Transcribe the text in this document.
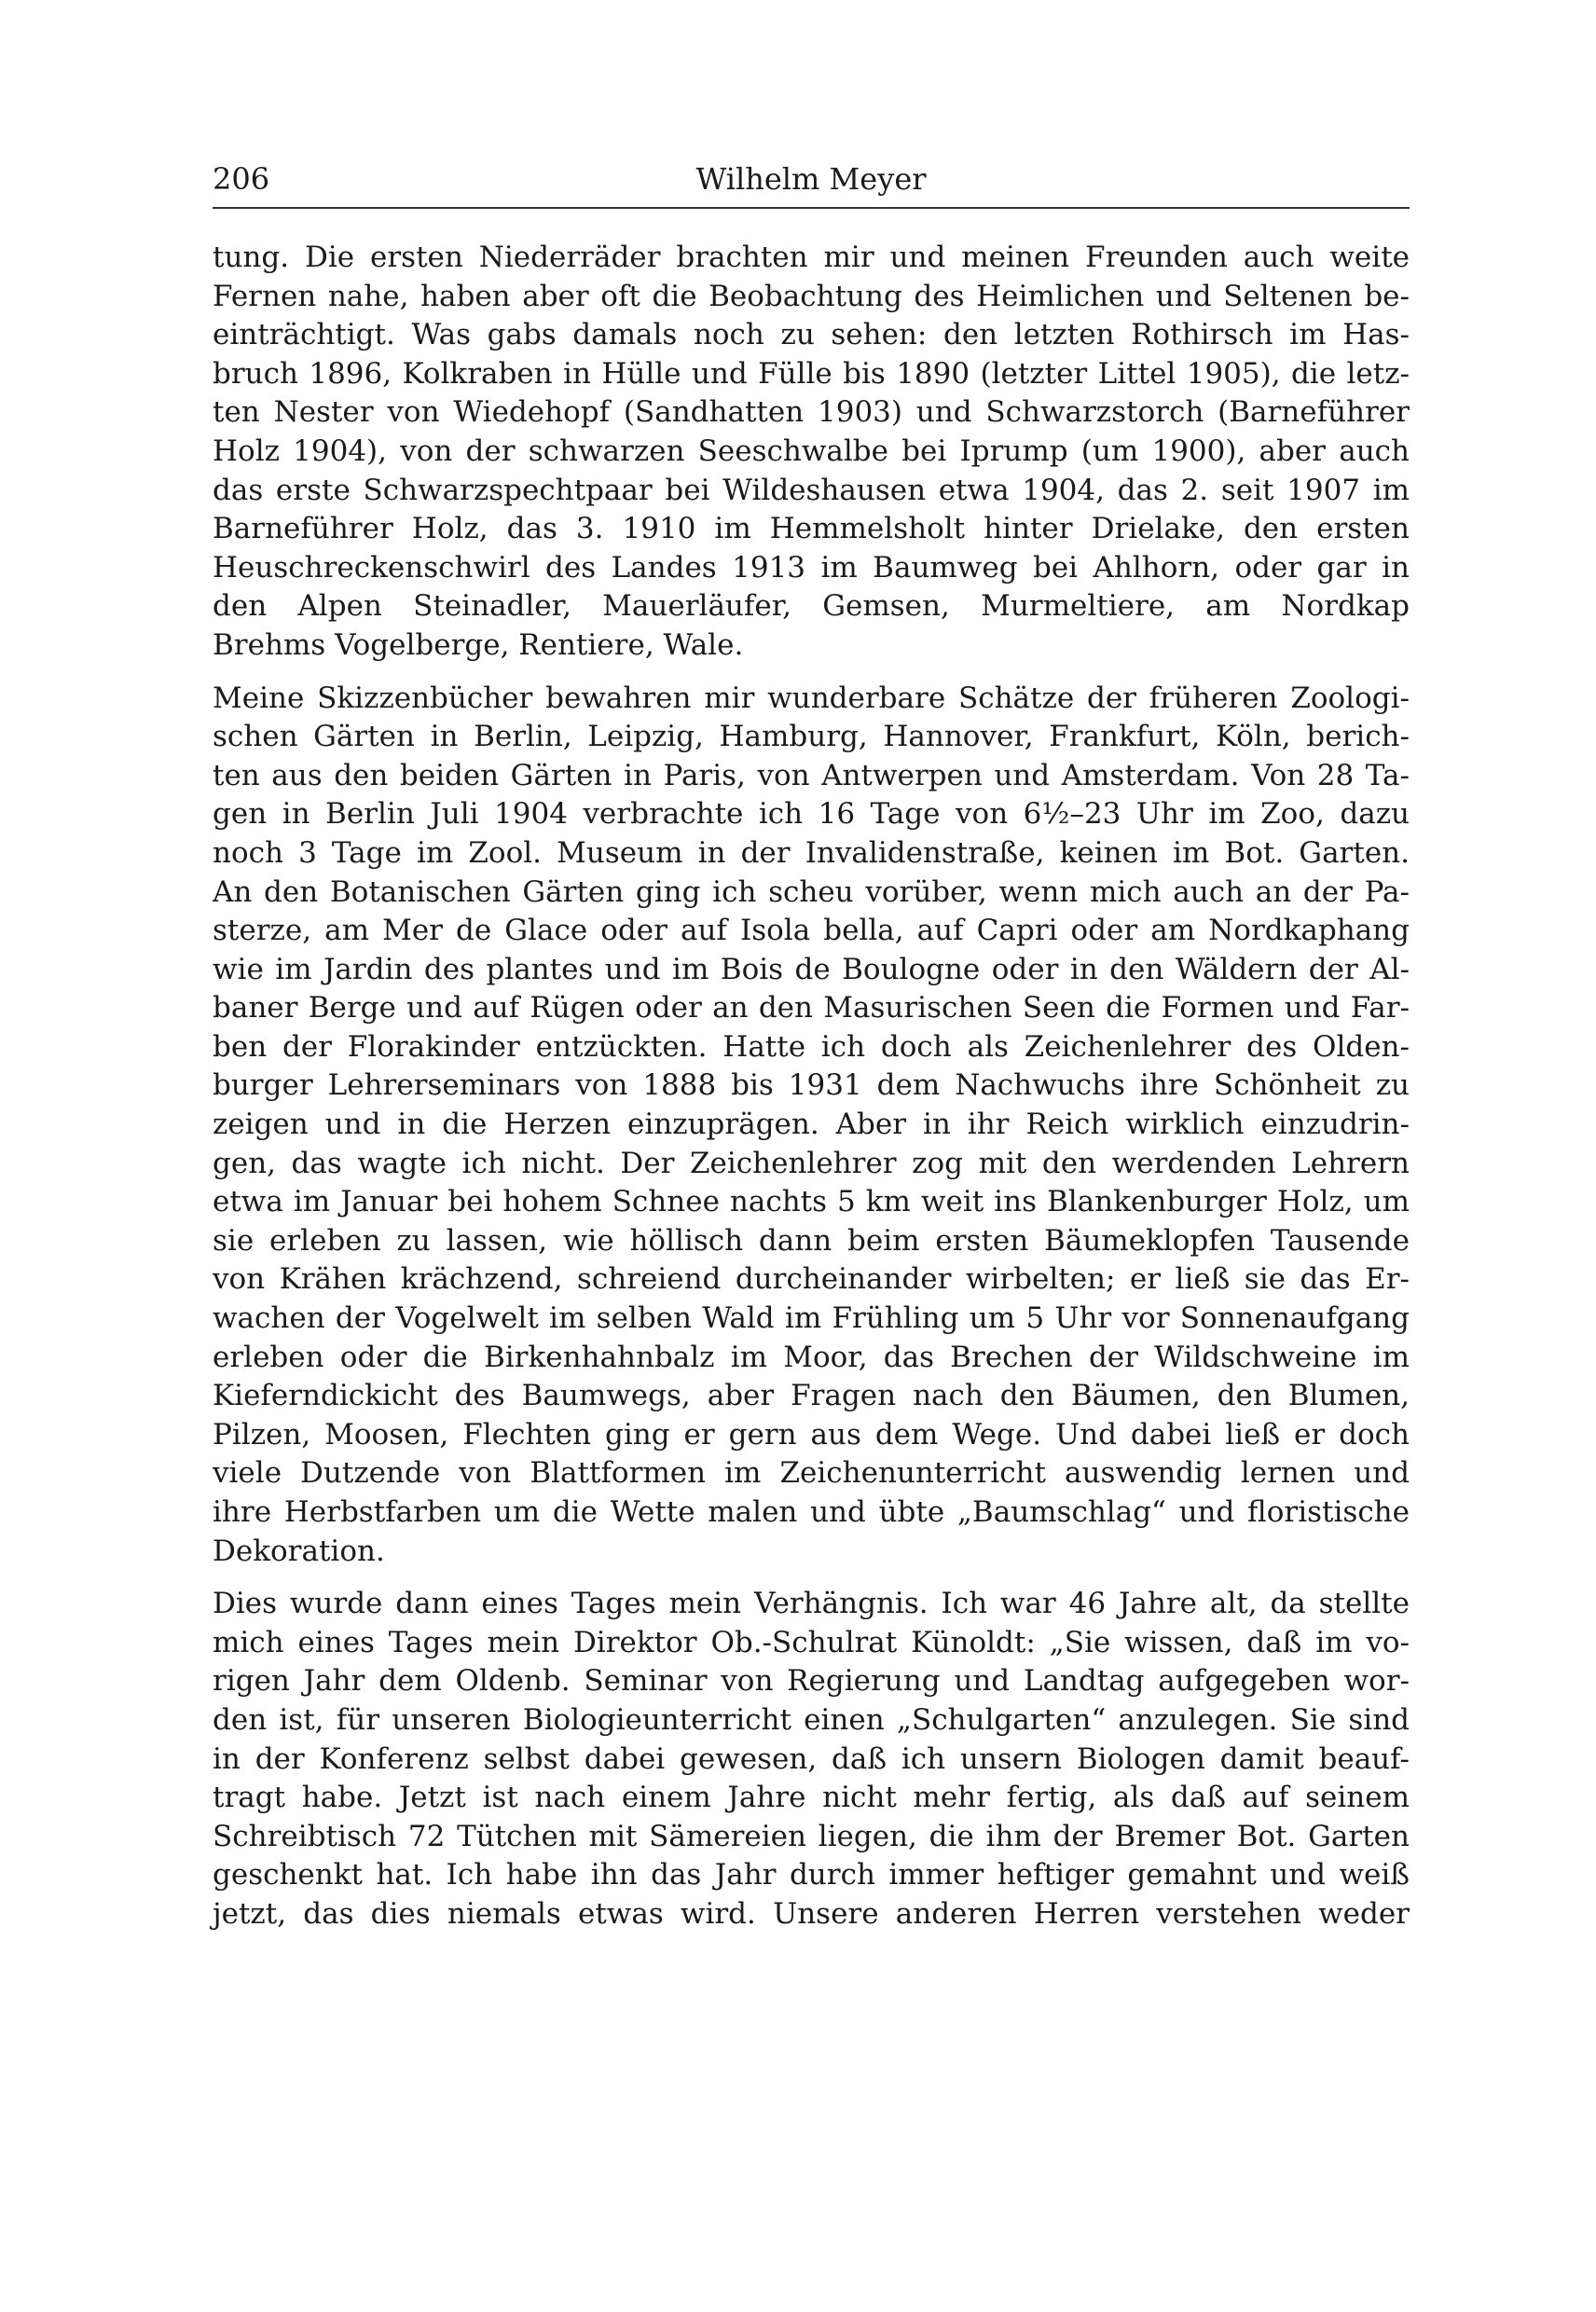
206	Wilhelm Meyer

tung. Die ersten Niederräder brachten mir und meinen Freunden auch weite
Fernen nahe, haben aber oft die Beobachtung des Heimlichen und Seltenen be-
einträchtigt. Was gabs damals noch zu sehen: den letzten Rothirsch im Has-
bruch 1896, Kolkraben in Hülle und Fülle bis 1890 (letzter Littel 1905), die letz-
ten Nester von Wiedehopf (Sandhatten 1903) und Schwarzstorch (Barneführer
Holz 1904), von der schwarzen Seeschwalbe bei Iprump (um 1900), aber auch
das erste Schwarzspechtpaar bei Wildeshausen etwa 1904, das 2. seit 1907 im
Barneführer Holz, das 3. 1910 im Hemmelsholt hinter Drielake, den ersten
Heuschreckenschwirl des Landes 1913 im Baumweg bei Ahlhorn, oder gar in
den Alpen Steinadler, Mauerläufer, Gemsen, Murmeltiere, am Nordkap
Brehms Vogelberge, Rentiere, Wale.

Meine Skizzenbücher bewahren mir wunderbare Schätze der früheren Zoologi-
schen Gärten in Berlin, Leipzig, Hamburg, Hannover, Frankfurt, Köln, berich-
ten aus den beiden Gärten in Paris, von Antwerpen und Amsterdam. Von 28 Ta-
gen in Berlin Juli 1904 verbrachte ich 16 Tage von 6½–23 Uhr im Zoo, dazu
noch 3 Tage im Zool. Museum in der Invalidenstraße, keinen im Bot. Garten.
An den Botanischen Gärten ging ich scheu vorüber, wenn mich auch an der Pa-
sterze, am Mer de Glace oder auf Isola bella, auf Capri oder am Nordkaphang
wie im Jardin des plantes und im Bois de Boulogne oder in den Wäldern der Al-
baner Berge und auf Rügen oder an den Masurischen Seen die Formen und Far-
ben der Florakinder entzückten. Hatte ich doch als Zeichenlehrer des Olden-
burger Lehrerseminars von 1888 bis 1931 dem Nachwuchs ihre Schönheit zu
zeigen und in die Herzen einzuprägen. Aber in ihr Reich wirklich einzudrin-
gen, das wagte ich nicht. Der Zeichenlehrer zog mit den werdenden Lehrern
etwa im Januar bei hohem Schnee nachts 5 km weit ins Blankenburger Holz, um
sie erleben zu lassen, wie höllisch dann beim ersten Bäumeklopfen Tausende
von Krähen krächzend, schreiend durcheinander wirbelten; er ließ sie das Er-
wachen der Vogelwelt im selben Wald im Frühling um 5 Uhr vor Sonnenaufgang
erleben oder die Birkenhahnbalz im Moor, das Brechen der Wildschweine im
Kieferndickicht des Baumwegs, aber Fragen nach den Bäumen, den Blumen,
Pilzen, Moosen, Flechten ging er gern aus dem Wege. Und dabei ließ er doch
viele Dutzende von Blattformen im Zeichenunterricht auswendig lernen und
ihre Herbstfarben um die Wette malen und übte „Baumschlag“ und floristische
Dekoration.

Dies wurde dann eines Tages mein Verhängnis. Ich war 46 Jahre alt, da stellte
mich eines Tages mein Direktor Ob.-Schulrat Künoldt: „Sie wissen, daß im vo-
rigen Jahr dem Oldenb. Seminar von Regierung und Landtag aufgegeben wor-
den ist, für unseren Biologieunterricht einen „Schulgarten“ anzulegen. Sie sind
in der Konferenz selbst dabei gewesen, daß ich unsern Biologen damit beauf-
tragt habe. Jetzt ist nach einem Jahre nicht mehr fertig, als daß auf seinem
Schreibtisch 72 Tütchen mit Sämereien liegen, die ihm der Bremer Bot. Garten
geschenkt hat. Ich habe ihn das Jahr durch immer heftiger gemahnt und weiß
jetzt, das dies niemals etwas wird. Unsere anderen Herren verstehen weder
